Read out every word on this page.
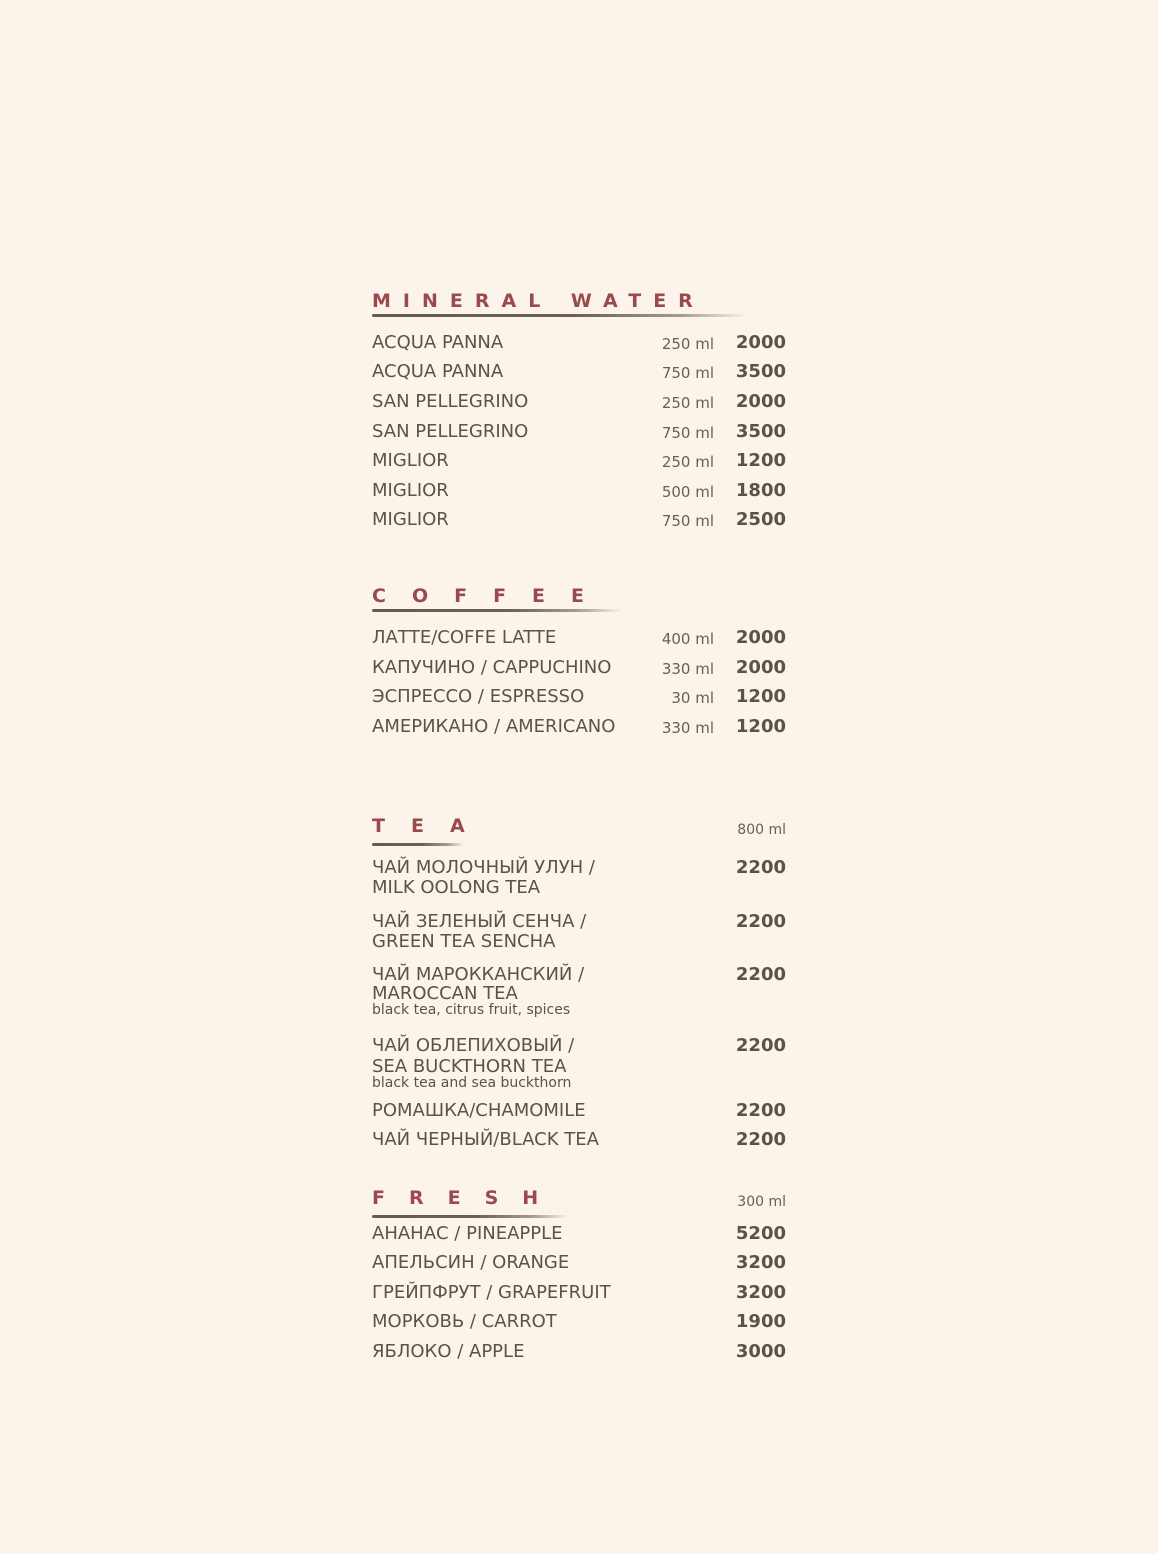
MINERAL WATER
ACQUA PANNA	250 ml 2000
ACQUA PANNA	750 ml 3500
SAN PELLEGRINO	250 ml 2000
SAN PELLEGRINO	750 ml 3500
MIGLIOR	250 ml 1200
MIGLIOR	500 ml 1800
MIGLIOR	750 ml 2500
COFFEE
ЛАТТЕ/COFFE LATTE	400 ml 2000
КАПУЧИНО / CAPPUCHINO	330 ml 2000
ЭСПРЕССО / ESPRESSO	30 ml 1200
АМЕРИКАНО / AMERICANO	330 ml 1200
TEA	800 ml
ЧАЙ МОЛОЧНЫЙ УЛУН /
MILK OOLONG TEA
2200
ЧАЙ ЗЕЛЕНЫЙ СЕНЧА /
GREEN TEA SENCHA
2200
ЧАЙ МАРОККАНСКИЙ /
MAROCCAN TEA
black tea, citrus fruit, spices
2200
ЧАЙ ОБЛЕПИХОВЫЙ /
SEA BUCKTHORN TEA
black tea and sea buckthorn
2200
РОМАШКА/CHAMOMILE	2200
ЧАЙ ЧЕРНЫЙ/BLACK TEA	2200
FRESH	300 ml
АНАНАС / PINEAPPLE	5200
АПЕЛЬСИН / ORANGE	3200
ГРЕЙПФРУТ / GRAPEFRUIT	3200
МОРКОВЬ / CARROT	1900
ЯБЛОКО / APPLE	3000
